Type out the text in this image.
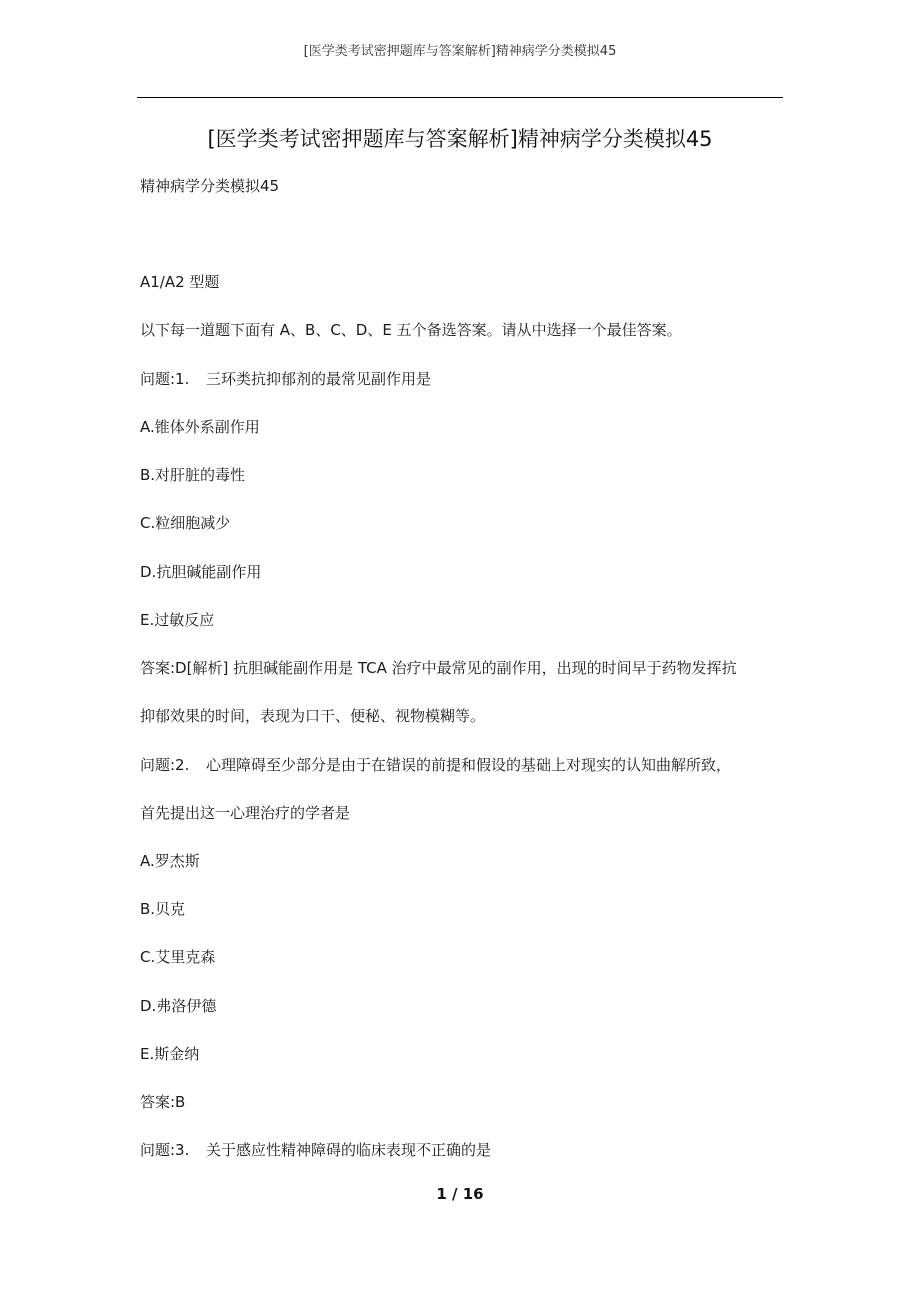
[医学类考试密押题库与答案解析]精神病学分类模拟45
[医学类考试密押题库与答案解析]精神病学分类模拟45
精神病学分类模拟45
A1/A2 型题
以下每一道题下面有 A、B、C、D、E 五个备选答案。请从中选择一个最佳答案。
问题:1. 三环类抗抑郁剂的最常见副作用是
A.锥体外系副作用
B.对肝脏的毒性
C.粒细胞减少
D.抗胆碱能副作用
E.过敏反应
答案:D[解析] 抗胆碱能副作用是 TCA 治疗中最常见的副作用，出现的时间早于药物发挥抗
抑郁效果的时间，表现为口干、便秘、视物模糊等。
问题:2. 心理障碍至少部分是由于在错误的前提和假设的基础上对现实的认知曲解所致，
首先提出这一心理治疗的学者是
A.罗杰斯
B.贝克
C.艾里克森
D.弗洛伊德
E.斯金纳
答案:B
问题:3. 关于感应性精神障碍的临床表现不正确的是
1 / 16
